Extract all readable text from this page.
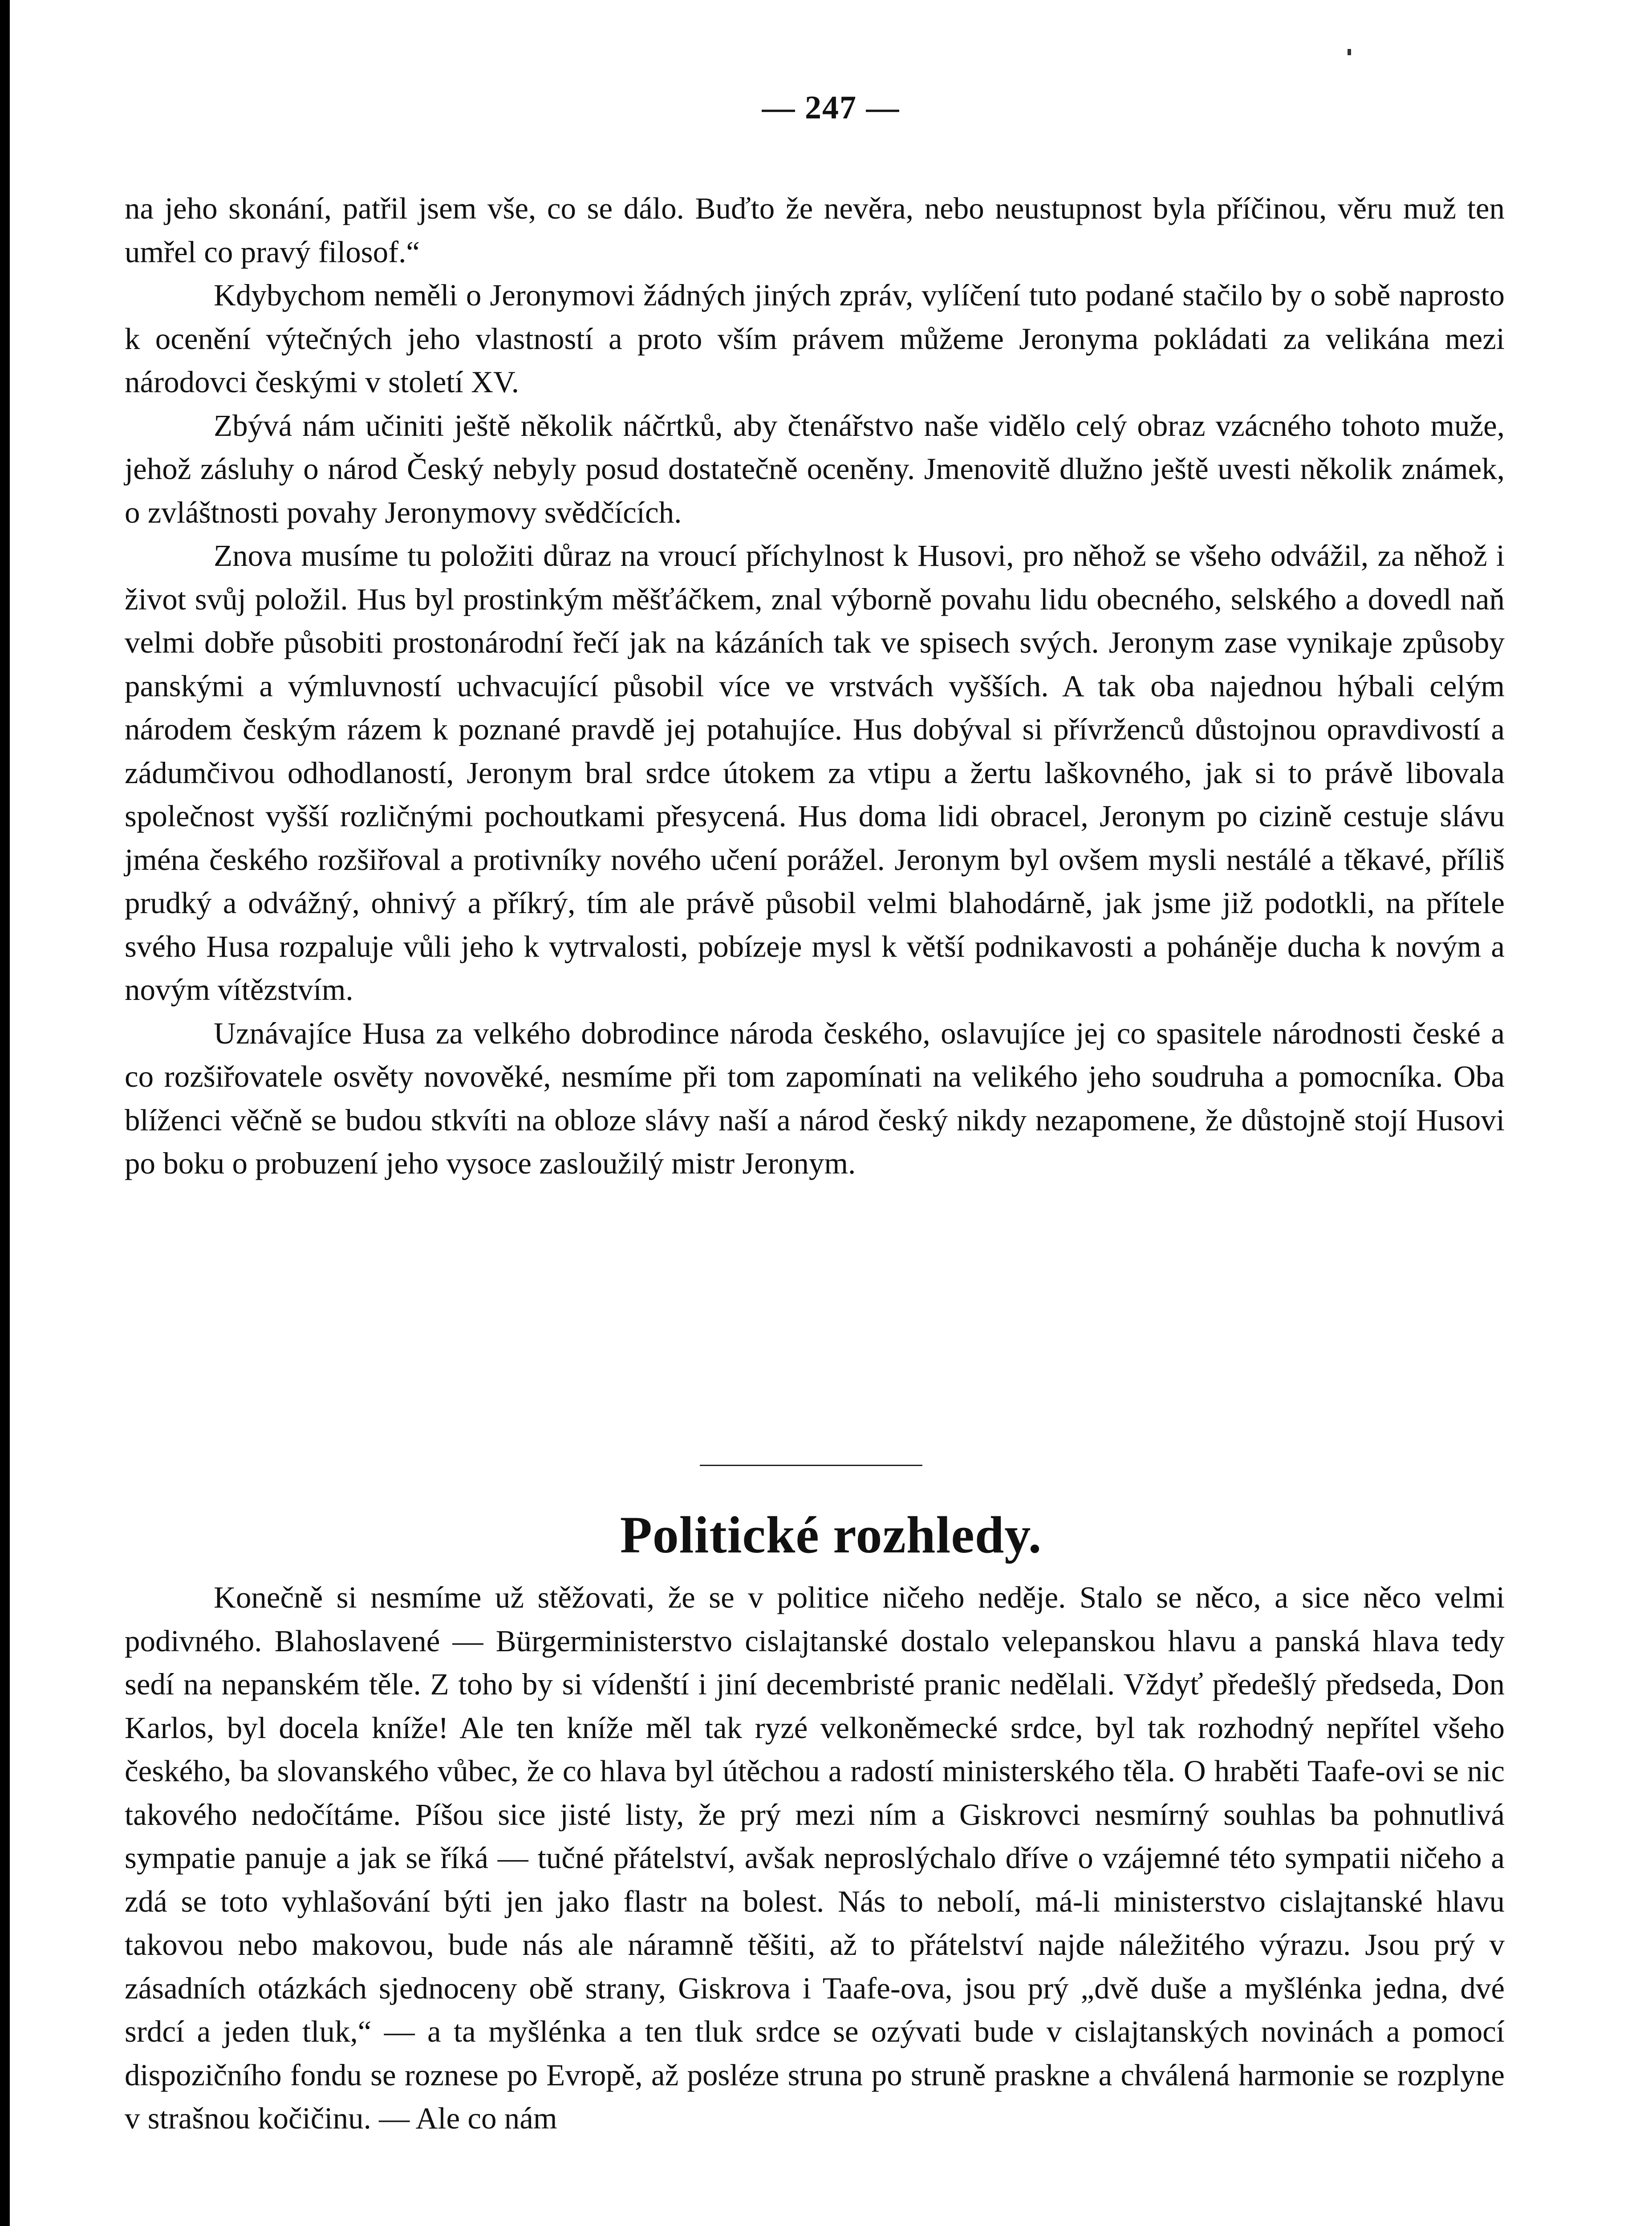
— 247 —

na jeho skonání, patřil jsem vše, co se dálo. Buďto že nevěra, nebo neustupnost byla příčinou, věru muž ten umřel co pravý filosof.“

Kdybychom neměli o Jeronymovi žádných jiných zpráv, vylíčení tuto podané stačilo by o sobě naprosto k ocenění výtečných jeho vlastností a proto vším právem můžeme Jeronyma pokládati za velikána mezi národovci českými v století XV.

Zbývá nám učiniti ještě několik náčrtků, aby čtenářstvo naše vidělo celý obraz vzácného tohoto muže, jehož zásluhy o národ Český nebyly posud dostatečně oceněny. Jmenovitě dlužno ještě uvesti několik známek, o zvláštnosti povahy Jeronymovy svědčících.

Znova musíme tu položiti důraz na vroucí příchylnost k Husovi, pro něhož se všeho odvážil, za něhož i život svůj položil. Hus byl prostinkým měšťáčkem, znal výborně povahu lidu obecného, selského a dovedl naň velmi dobře působiti prostonárodní řečí jak na kázáních tak ve spisech svých. Jeronym zase vynikaje způsoby panskými a výmluvností uchvacující působil více ve vrstvách vyšších. A tak oba najednou hýbali celým národem českým rázem k poznané pravdě jej potahujíce. Hus dobýval si přívrženců důstojnou opravdivostí a zádumčivou odhodlaností, Jeronym bral srdce útokem za vtipu a žertu laškovného, jak si to právě libovala společnost vyšší rozličnými pochoutkami přesycená. Hus doma lidi obracel, Jeronym po cizině cestuje slávu jména českého rozšiřoval a protivníky nového učení porážel. Jeronym byl ovšem mysli nestálé a těkavé, příliš prudký a odvážný, ohnivý a příkrý, tím ale právě působil velmi blahodárně, jak jsme již podotkli, na přítele svého Husa rozpaluje vůli jeho k vytrvalosti, pobízeje mysl k větší podnikavosti a poháněje ducha k novým a novým vítězstvím.

Uznávajíce Husa za velkého dobrodince národa českého, oslavujíce jej co spasitele národnosti české a co rozšiřovatele osvěty novověké, nesmíme při tom zapomínati na velikého jeho soudruha a pomocníka. Oba blíženci věčně se budou stkvíti na obloze slávy naší a národ český nikdy nezapomene, že důstojně stojí Husovi po boku o probuzení jeho vysoce zasloužilý mistr Jeronym.

Politické rozhledy.

Konečně si nesmíme už stěžovati, že se v politice ničeho neděje. Stalo se něco, a sice něco velmi podivného. Blahoslavené — Bürgerministerstvo cislajtanské dostalo velepanskou hlavu a panská hlava tedy sedí na nepanském těle. Z toho by si vídenští i jiní decembristé pranic nedělali. Vždyť předešlý předseda, Don Karlos, byl docela kníže! Ale ten kníže měl tak ryzé velkoněmecké srdce, byl tak rozhodný nepřítel všeho českého, ba slovanského vůbec, že co hlava byl útěchou a radostí ministerského těla. O hraběti Taafe-ovi se nic takového nedočítáme. Píšou sice jisté listy, že prý mezi ním a Giskrovci nesmírný souhlas ba pohnutlivá sympatie panuje a jak se říká — tučné přátelství, avšak neproslýchalo dříve o vzájemné této sympatii ničeho a zdá se toto vyhlašování býti jen jako flastr na bolest. Nás to nebolí, má-li ministerstvo cislajtanské hlavu takovou nebo makovou, bude nás ale náramně těšiti, až to přátelství najde náležitého výrazu. Jsou prý v zásadních otázkách sjednoceny obě strany, Giskrova i Taafe-ova, jsou prý „dvě duše a myšlénka jedna, dvé srdcí a jeden tluk,“ — a ta myšlénka a ten tluk srdce se ozývati bude v cislajtanských novinách a pomocí dispozičního fondu se roznese po Evropě, až posléze struna po struně praskne a chválená harmonie se rozplyne v strašnou kočičinu. — Ale co nám
